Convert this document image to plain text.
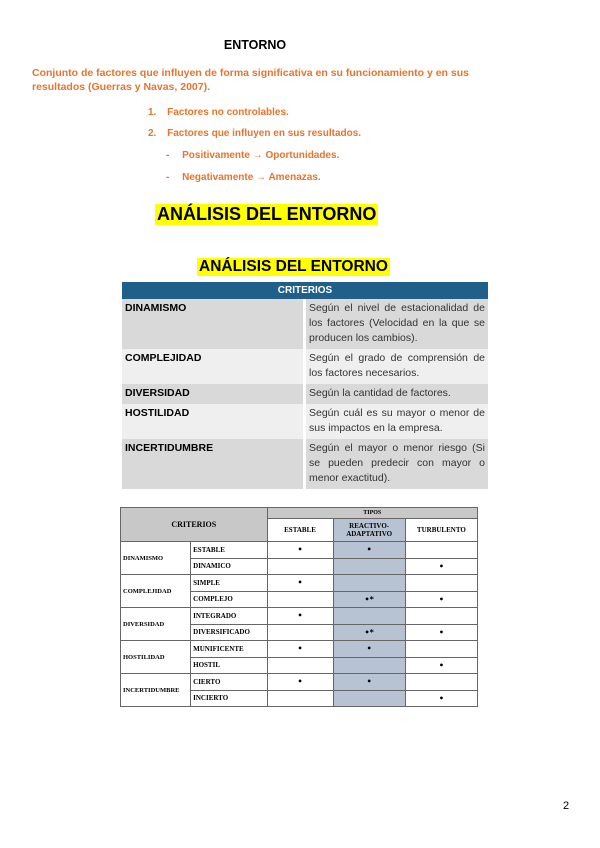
ENTORNO
Conjunto de factores que influyen de forma significativa en su funcionamiento y en sus resultados (Guerras y Navas, 2007).
1. Factores no controlables.
2. Factores que influyen en sus resultados.
- Positivamente → Oportunidades.
- Negativamente → Amenazas.
ANÁLISIS DEL ENTORNO
ANÁLISIS DEL ENTORNO
CRITERIOS	
DINAMISMO	Según el nivel de estacionalidad de los factores (Velocidad en la que se producen los cambios).
COMPLEJIDAD	Según el grado de comprensión de los factores necesarios.
DIVERSIDAD	Según la cantidad de factores.
HOSTILIDAD	Según cuál es su mayor o menor de sus impactos en la empresa.
INCERTIDUMBRE	Según el mayor o menor riesgo (Si se pueden predecir con mayor o menor exactitud).
CRITERIOS		TIPOS		
		ESTABLE	REACTIVO-ADAPTATIVO	TURBULENTO
DINAMISMO	ESTABLE	•	•	
	DINAMICO			•
COMPLEJIDAD	SIMPLE	•		
	COMPLEJO		•*	•
DIVERSIDAD	INTEGRADO	•		
	DIVERSIFICADO		•*	•
HOSTILIDAD	MUNIFICENTE	•	•	
	HOSTIL			•
INCERTIDUMBRE	CIERTO	•	•	
	INCIERTO			•
2
